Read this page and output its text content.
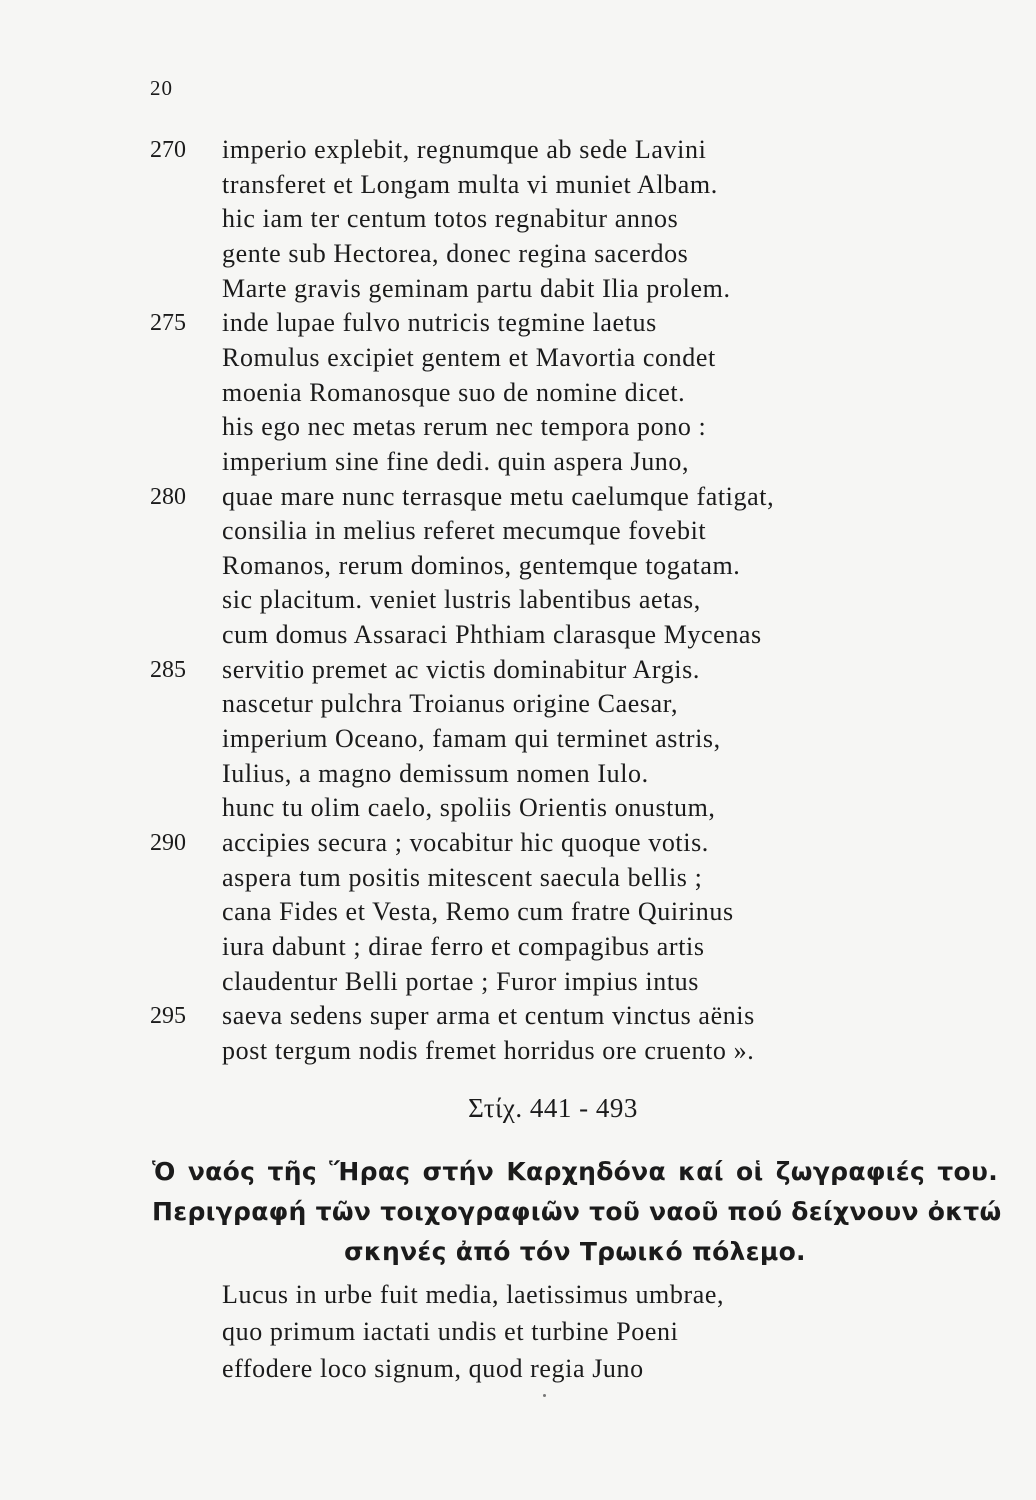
20
270	imperio explebit, regnumque ab sede Lavini
transferet et Longam multa vi muniet Albam.
hic iam ter centum totos regnabitur annos
gente sub Hectorea, donec regina sacerdos
Marte gravis geminam partu dabit Ilia prolem.
275	inde lupae fulvo nutricis tegmine laetus
Romulus excipiet gentem et Mavortia condet
moenia Romanosque suo de nomine dicet.
his ego nec metas rerum nec tempora pono :
imperium sine fine dedi. quin aspera Juno,
280	quae mare nunc terrasque metu caelumque fatigat,
consilia in melius referet mecumque fovebit
Romanos, rerum dominos, gentemque togatam.
sic placitum. veniet lustris labentibus aetas,
cum domus Assaraci Phthiam clarasque Mycenas
285	servitio premet ac victis dominabitur Argis.
nascetur pulchra Troianus origine Caesar,
imperium Oceano, famam qui terminet astris,
Iulius, a magno demissum nomen Iulo.
hunc tu olim caelo, spoliis Orientis onustum,
290	accipies secura ; vocabitur hic quoque votis.
aspera tum positis mitescent saecula bellis ;
cana Fides et Vesta, Remo cum fratre Quirinus
iura dabunt ; dirae ferro et compagibus artis
claudentur Belli portae ; Furor impius intus
295	saeva sedens super arma et centum vinctus aënis
post tergum nodis fremet horridus ore cruento ».
Στίχ. 441 - 493
Ὁ ναός τῆς Ἥρας στήν Καρχηδόνα καί οἱ ζωγραφιές του.
Περιγραφή τῶν τοιχογραφιῶν τοῦ ναοῦ πού δείχνουν ὀκτώ
σκηνές ἀπό τόν Τρωικό πόλεμο.
Lucus in urbe fuit media, laetissimus umbrae,
quo primum iactati undis et turbine Poeni
effodere loco signum, quod regia Juno
